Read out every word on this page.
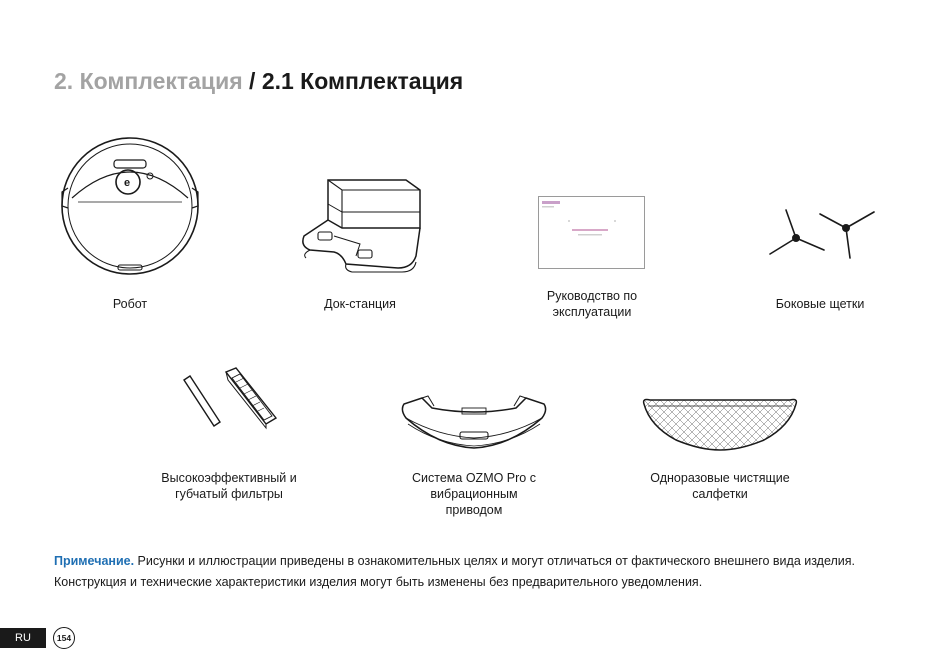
2. Комплектация / 2.1 Комплектация
e
Робот	Док-станция
Руководство по эксплуатации
Боковые щетки
Высокоэффективный и губчатый фильтры
Система OZMO Pro с вибрационным приводом
Одноразовые чистящие салфетки
Примечание. Рисунки и иллюстрации приведены в ознакомительных целях и могут отличаться от фактического внешнего вида изделия.
Конструкция и технические характеристики изделия могут быть изменены без предварительного уведомления.
RU	154
